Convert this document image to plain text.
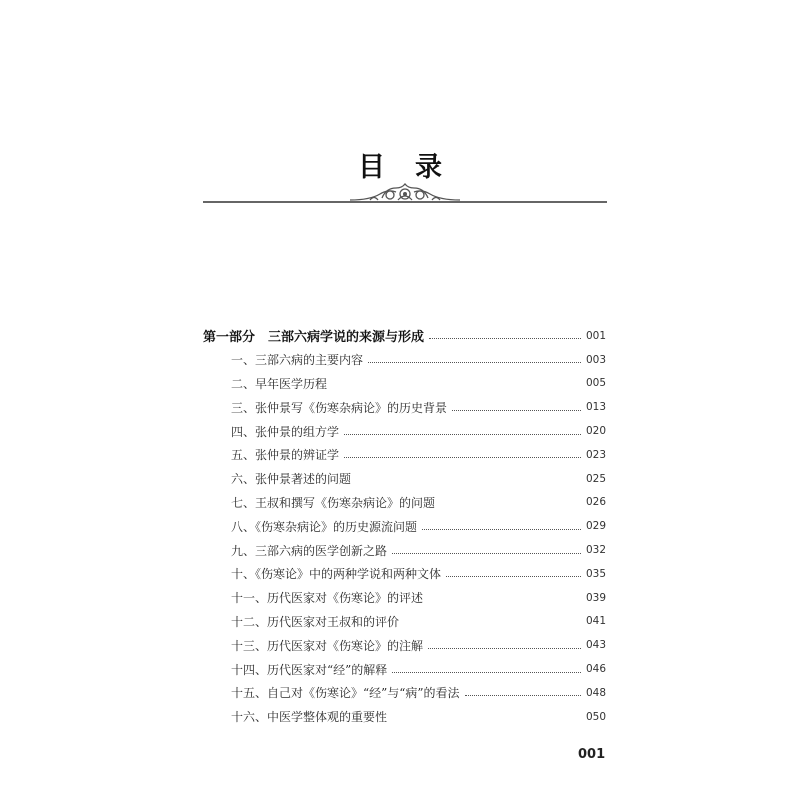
目录
第一部分　三部六病学说的来源与形成	001
一、三部六病的主要内容	003
二、早年医学历程	005
三、张仲景写《伤寒杂病论》的历史背景	013
四、张仲景的组方学	020
五、张仲景的辨证学	023
六、张仲景著述的问题	025
七、王叔和撰写《伤寒杂病论》的问题	026
八、《伤寒杂病论》的历史源流问题	029
九、三部六病的医学创新之路	032
十、《伤寒论》中的两种学说和两种文体	035
十一、历代医家对《伤寒论》的评述	039
十二、历代医家对王叔和的评价	041
十三、历代医家对《伤寒论》的注解	043
十四、历代医家对“经”的解释	046
十五、自己对《伤寒论》“经”与“病”的看法	048
十六、中医学整体观的重要性	050
001
